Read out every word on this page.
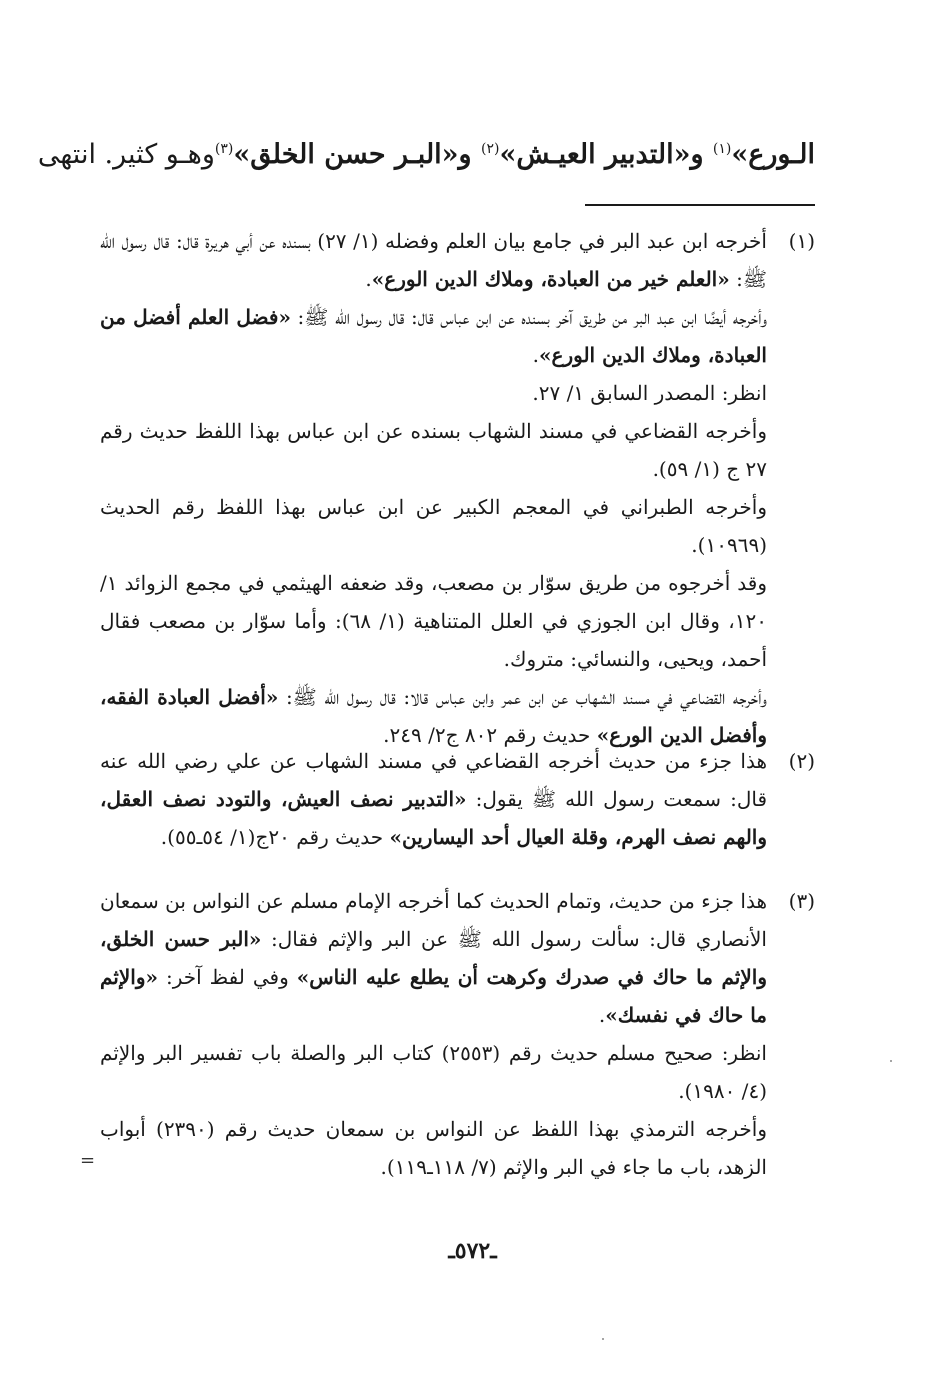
الـورع»$^{(١)}$ و«التدبير العيـش»$^{(٢)}$ و«البـر حسن الخلق»$^{(٣)}$وهـو كثير. انتهى
(١)

أخرجه ابن عبد البر في جامع بيان العلم وفضله (١/ ٢٧) بسنده عن أبي هريرة قال: قال رسول الله ﷺ: «العلم خير من العبادة، وملاك الدين الورع».

وأخرجه أيضًا ابن عبد البر من طريق آخر بسنده عن ابن عباس قال: قال رسول الله ﷺ: «فضل العلم أفضل من العبادة، وملاك الدين الورع».

انظر: المصدر السابق ١/ ٢٧.

وأخرجه القضاعي في مسند الشهاب بسنده عن ابن عباس بهذا اللفظ حديث رقم ٢٧ ج (١/ ٥٩).

وأخرجه الطبراني في المعجم الكبير عن ابن عباس بهذا اللفظ رقم الحديث (١٠٩٦٩).

وقد أخرجوه من طريق سوّار بن مصعب، وقد ضعفه الهيثمي في مجمع الزوائد ١/ ١٢٠، وقال ابن الجوزي في العلل المتناهية (١/ ٦٨): وأما سوّار بن مصعب فقال أحمد، ويحيى، والنسائي: متروك.

وأخرجه القضاعي في مسند الشهاب عن ابن عمر وابن عباس قالا: قال رسول الله ﷺ: «أفضل العبادة الفقه، وأفضل الدين الورع» حديث رقم ٨٠٢ ج٢/ ٢٤٩.

(٢)

هذا جزء من حديث أخرجه القضاعي في مسند الشهاب عن علي رضي الله عنه قال: سمعت رسول الله ﷺ يقول: «التدبير نصف العيش، والتودد نصف العقل، والهم نصف الهرم، وقلة العيال أحد اليسارين» حديث رقم ٢٠ج(١/ ٥٤ـ٥٥).

(٣)

هذا جزء من حديث، وتمام الحديث كما أخرجه الإمام مسلم عن النواس بن سمعان الأنصاري قال: سألت رسول الله ﷺ عن البر والإثم فقال: «البر حسن الخلق، والإثم ما حاك في صدرك وكرهت أن يطلع عليه الناس» وفي لفظ آخر: «والإثم ما حاك في نفسك».

انظر: صحيح مسلم حديث رقم (٢٥٥٣) كتاب البر والصلة باب تفسير البر والإثم (٤/ ١٩٨٠).

وأخرجه الترمذي بهذا اللفظ عن النواس بن سمعان حديث رقم (٢٣٩٠) أبواب الزهد، باب ما جاء في البر والإثم (٧/ ١١٨ـ١١٩).

=
ـ٥٧٢ـ
